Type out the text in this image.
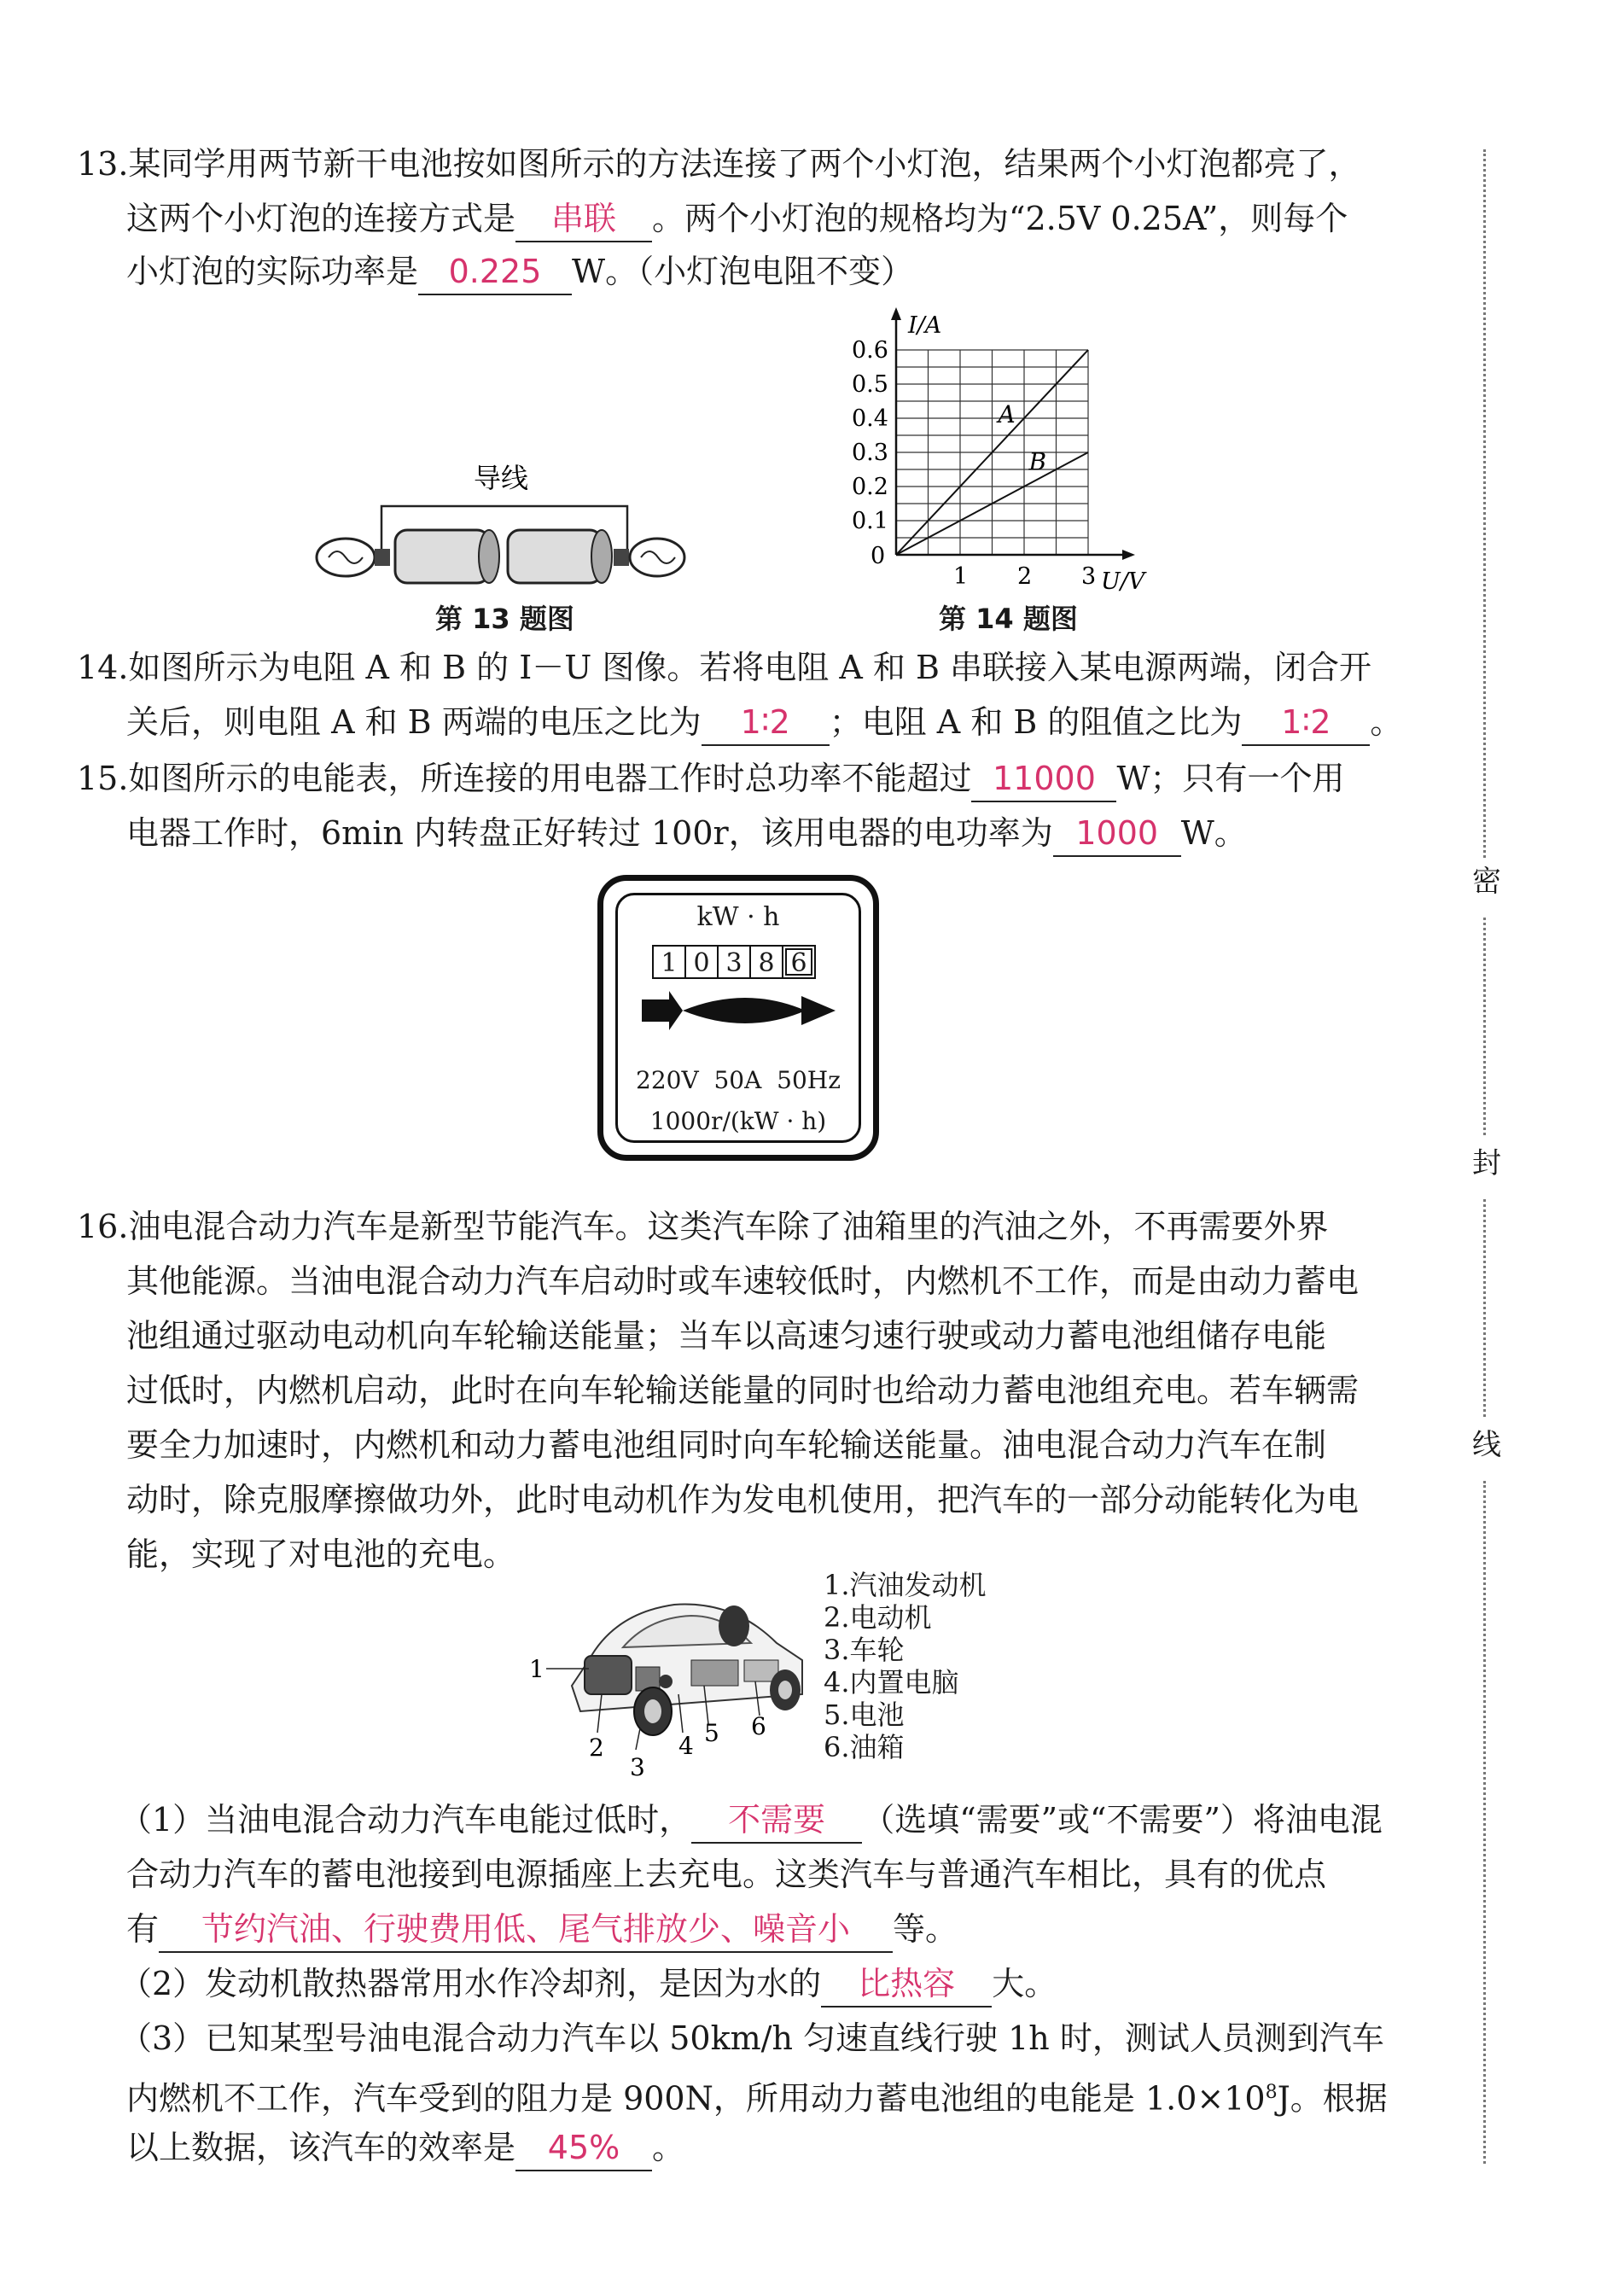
13.某同学用两节新干电池按如图所示的方法连接了两个小灯泡，结果两个小灯泡都亮了，
这两个小灯泡的连接方式是 串联 。两个小灯泡的规格均为“2.5V 0.25A”，则每个
小灯泡的实际功率是 0.225 W。（小灯泡电阻不变）
导线
第 13 题图
A
B
0.1
0.2
0.3
0.4
0.5
0.6
1 2 3
0
U/V
I/A
第 14 题图
14.如图所示为电阻 A 和 B 的 I－U 图像。若将电阻 A 和 B 串联接入某电源两端，闭合开
关后，则电阻 A 和 B 两端的电压之比为 1∶2 ；电阻 A 和 B 的阻值之比为 1∶2 。
15.如图所示的电能表，所连接的用电器工作时总功率不能超过 11000 W；只有一个用
电器工作时，6min 内转盘正好转过 100r，该用电器的电功率为 1000 W。
kW · h
1 0 3 8 6
220V  50A  50Hz
1000r/(kW · h)
16.油电混合动力汽车是新型节能汽车。这类汽车除了油箱里的汽油之外，不再需要外界
其他能源。当油电混合动力汽车启动时或车速较低时，内燃机不工作，而是由动力蓄电
池组通过驱动电动机向车轮输送能量；当车以高速匀速行驶或动力蓄电池组储存电能
过低时，内燃机启动，此时在向车轮输送能量的同时也给动力蓄电池组充电。若车辆需
要全力加速时，内燃机和动力蓄电池组同时向车轮输送能量。油电混合动力汽车在制
动时，除克服摩擦做功外，此时电动机作为发电机使用，把汽车的一部分动能转化为电
能，实现了对电池的充电。
1
2
3
4 5 6
1.汽油发动机
2.电动机
3.车轮
4.内置电脑
5.电池
6.油箱
（1）当油电混合动力汽车电能过低时， 不需要 （选填“需要”或“不需要”）将油电混
合动力汽车的蓄电池接到电源插座上去充电。这类汽车与普通汽车相比，具有的优点
有 节约汽油、行驶费用低、尾气排放少、噪音小 等。
（2）发动机散热器常用水作冷却剂，是因为水的 比热容 大。
（3）已知某型号油电混合动力汽车以 50km/h 匀速直线行驶 1h 时，测试人员测到汽车
内燃机不工作，汽车受到的阻力是 900N，所用动力蓄电池组的电能是 $1.0\times 10^8J$。根据
以上数据，该汽车的效率是 45% 。
密
封
线
